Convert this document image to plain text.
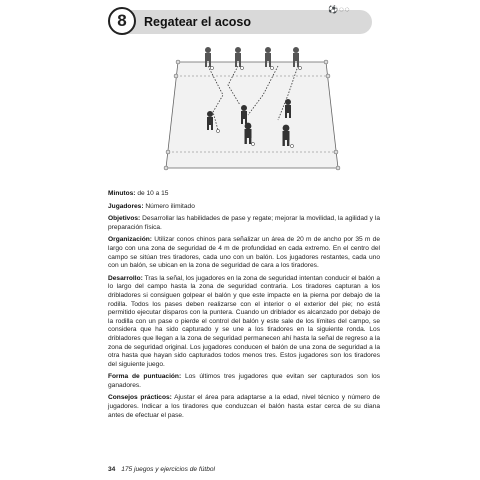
8	Regatear el acoso
⚽◌◌

Minutos: de 10 a 15

Jugadores: Número ilimitado

Objetivos: Desarrollar las habilidades de pase y regate; mejorar la movilidad, la agilidad y la preparación física.

Organización: Utilizar conos chinos para señalizar un área de 20 m de ancho por 35 m de largo con una zona de seguridad de 4 m de profundidad en cada extremo. En el centro del campo se sitúan tres tiradores, cada uno con un balón. Los jugadores restantes, cada uno con un balón, se ubican en la zona de seguridad de cara a los tiradores.

Desarrollo: Tras la señal, los jugadores en la zona de seguridad intentan conducir el balón a lo largo del campo hasta la zona de seguridad contraria. Los tiradores capturan a los dribladores si consiguen golpear el balón y que este impacte en la pierna por debajo de la rodilla. Todos los pases deben realizarse con el interior o el exterior del pie; no está permitido ejecutar disparos con la puntera. Cuando un driblador es alcanzado por debajo de la rodilla con un pase o pierde el control del balón y este sale de los límites del campo, se considera que ha sido capturado y se une a los tiradores en la siguiente ronda. Los dribladores que llegan a la zona de seguridad permanecen ahí hasta la señal de regreso a la zona de seguridad original. Los jugadores conducen el balón de una zona de seguridad a la otra hasta que hayan sido capturados todos menos tres. Estos jugadores son los tiradores del siguiente juego.

Forma de puntuación: Los últimos tres jugadores que evitan ser capturados son los ganadores.

Consejos prácticos: Ajustar el área para adaptarse a la edad, nivel técnico y número de jugadores. Indicar a los tiradores que conduzcan el balón hasta estar cerca de su diana antes de efectuar el pase.

34 175 juegos y ejercicios de fútbol
